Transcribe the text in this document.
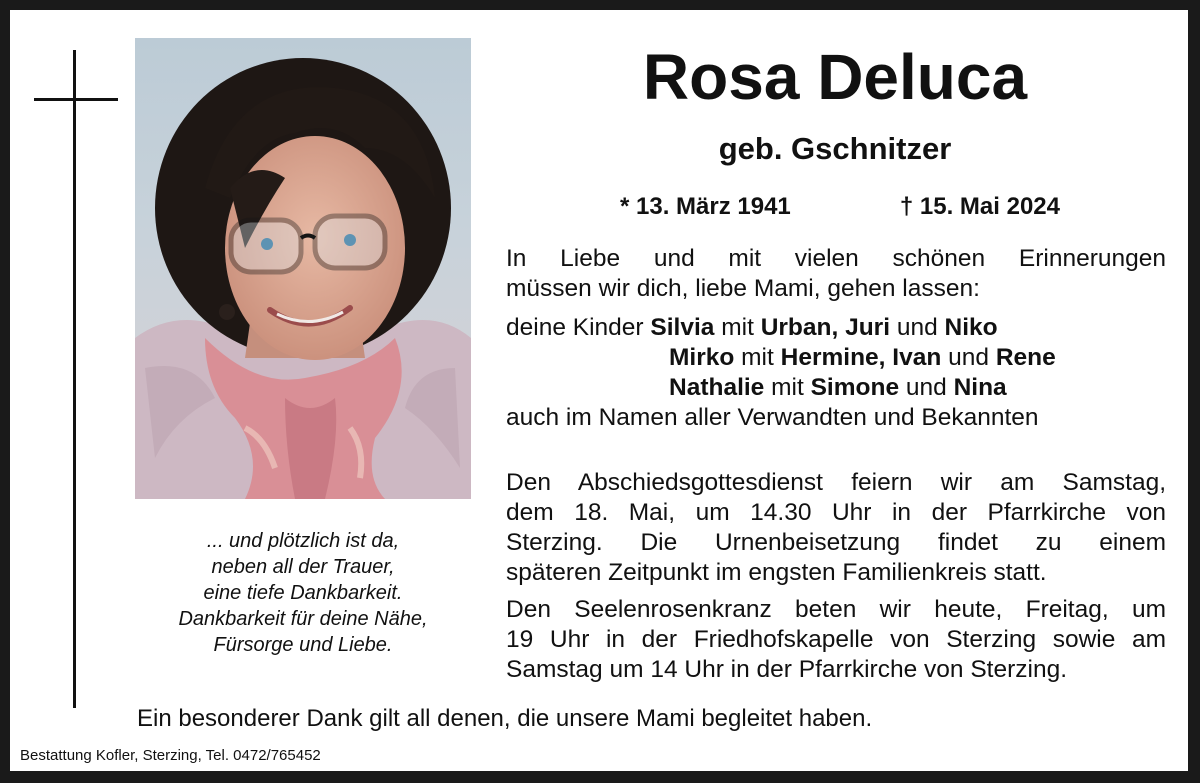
... und plötzlich ist da,
neben all der Trauer,
eine tiefe Dankbarkeit.
Dankbarkeit für deine Nähe,
Fürsorge und Liebe.
Rosa Deluca
geb. Gschnitzer
* 13. März 1941	† 15. Mai 2024
In Liebe und mit vielen schönen Erinnerungen
müssen wir dich, liebe Mami, gehen lassen:
deine Kinder Silvia mit Urban, Juri und Niko
Mirko mit Hermine, Ivan und Rene
Nathalie mit Simone und Nina
auch im Namen aller Verwandten und Bekannten
Den Abschiedsgottesdienst feiern wir am Samstag,
dem 18. Mai, um 14.30 Uhr in der Pfarrkirche von
Sterzing. Die Urnenbeisetzung findet zu einem
späteren Zeitpunkt im engsten Familienkreis statt.
Den Seelenrosenkranz beten wir heute, Freitag, um
19 Uhr in der Friedhofskapelle von Sterzing sowie am
Samstag um 14 Uhr in der Pfarrkirche von Sterzing.
Ein besonderer Dank gilt all denen, die unsere Mami begleitet haben.
Bestattung Kofler, Sterzing, Tel. 0472/765452
